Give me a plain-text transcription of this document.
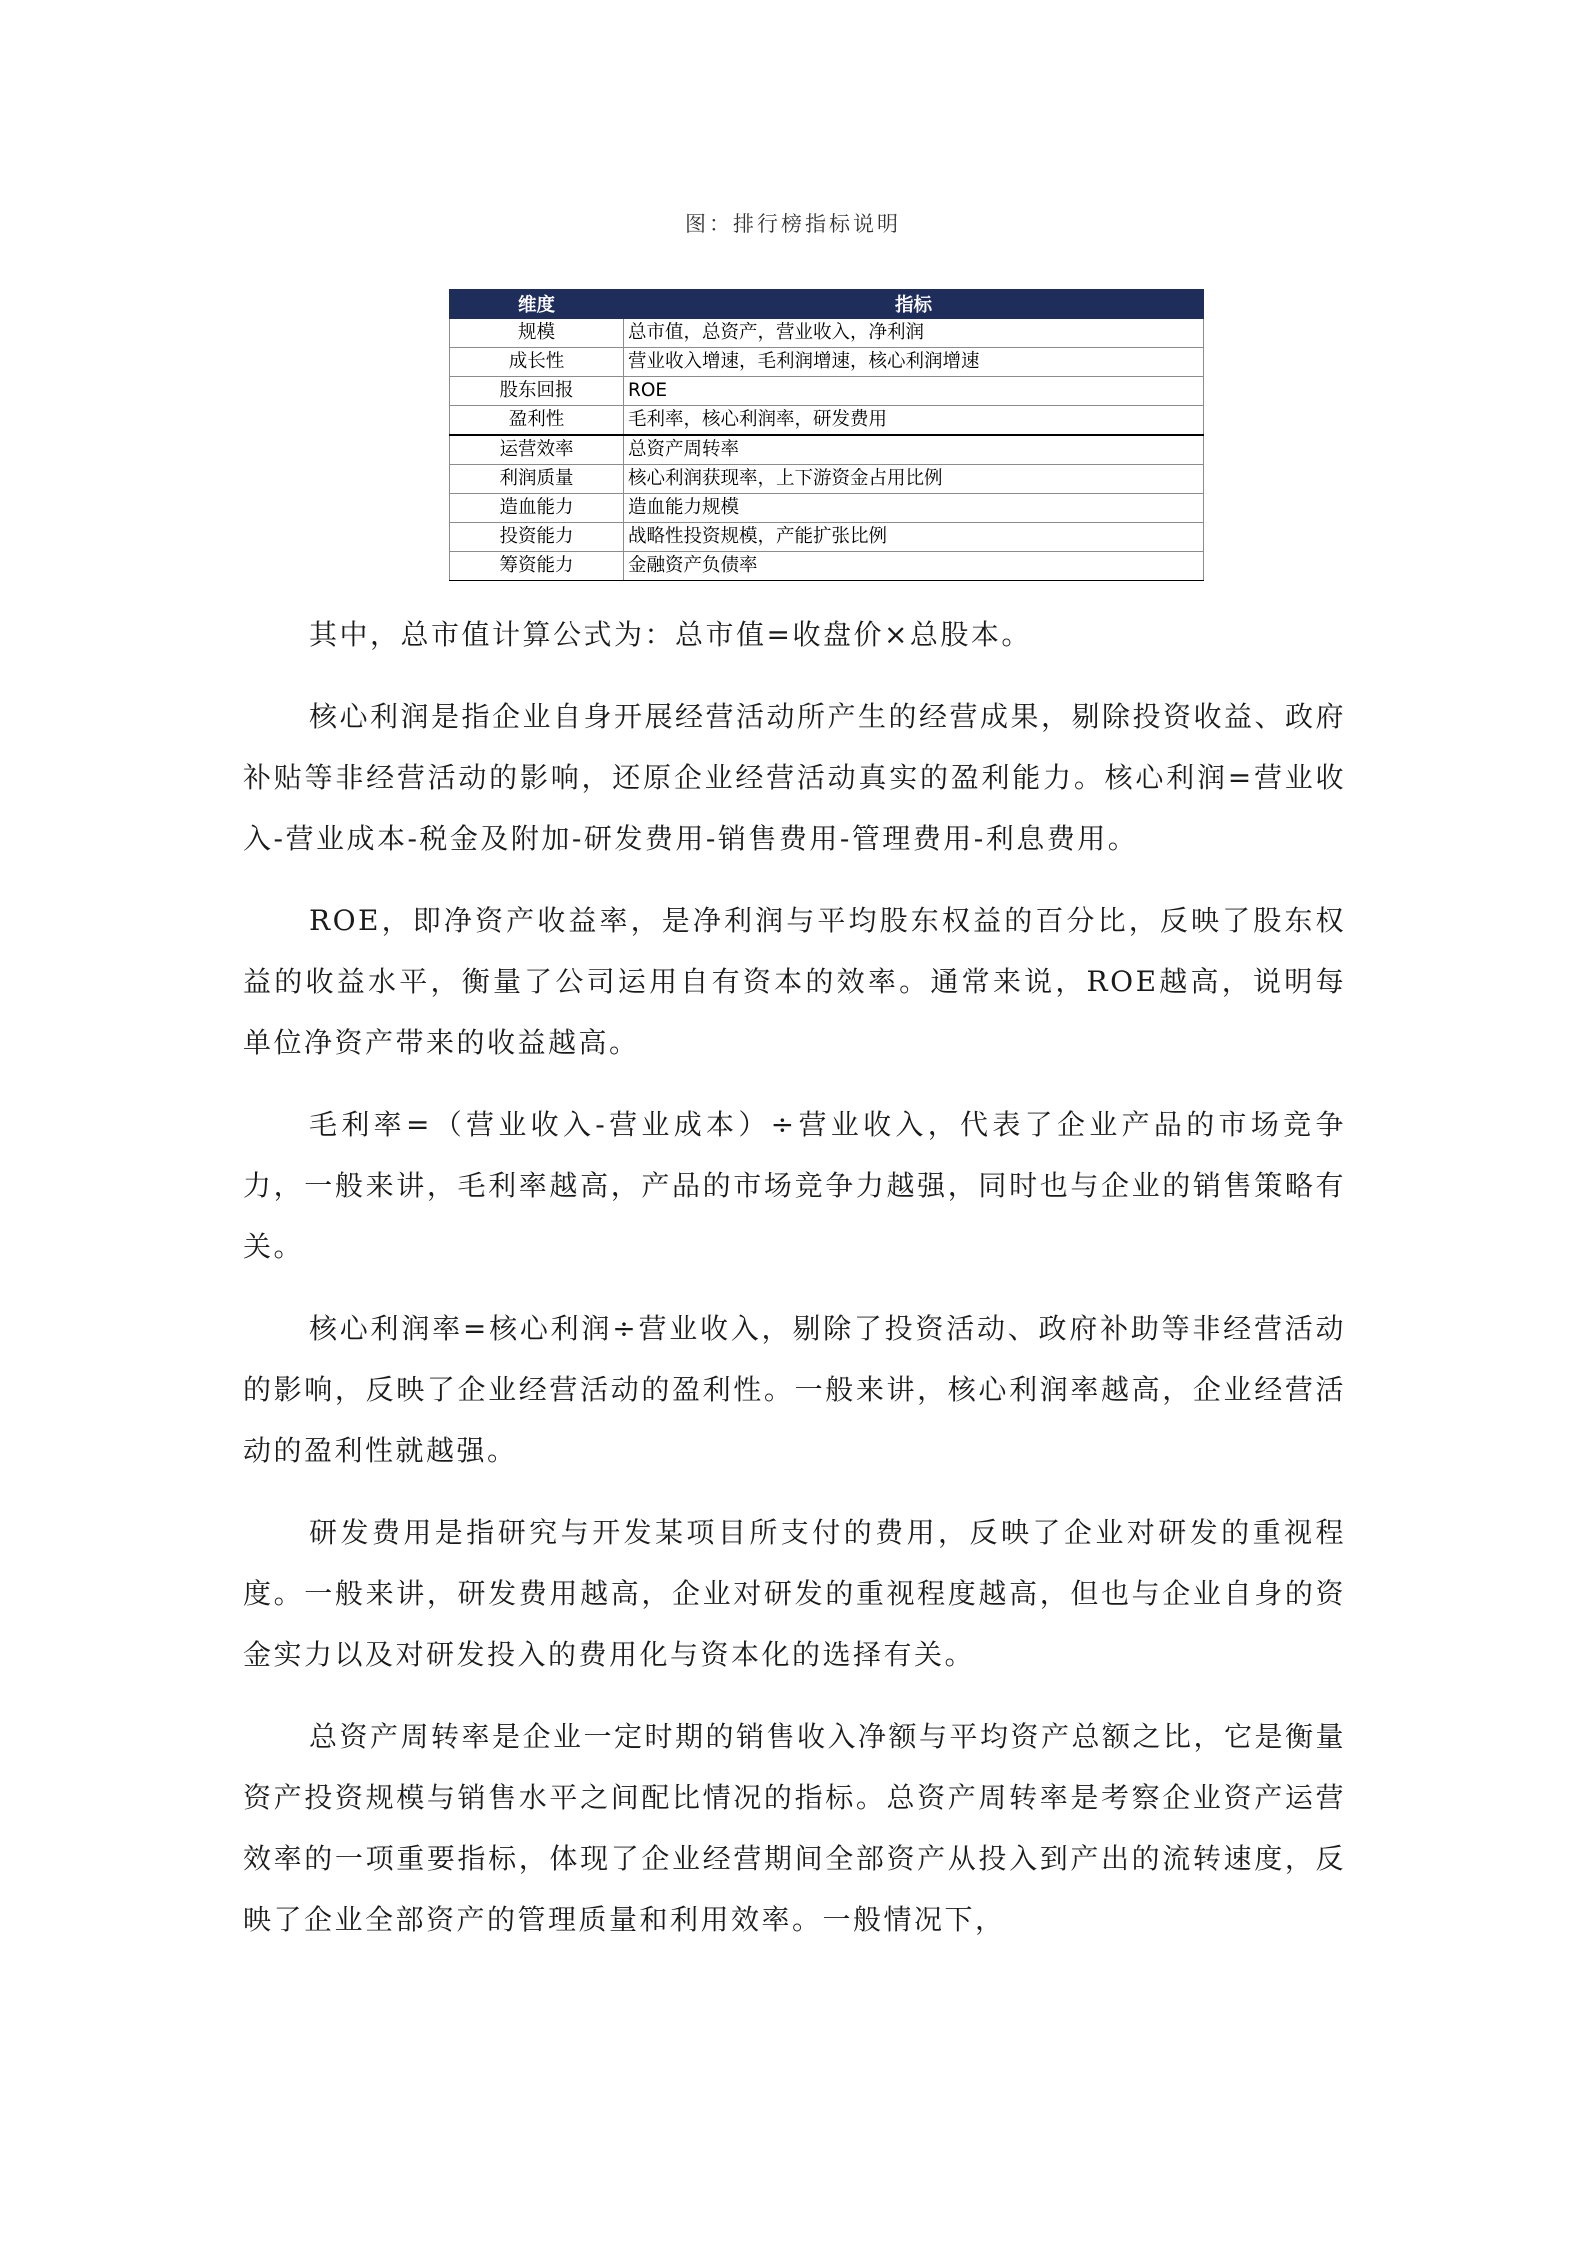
图：排行榜指标说明
维度	指标
规模	总市值，总资产，营业收入，净利润
成长性	营业收入增速，毛利润增速，核心利润增速
股东回报	ROE
盈利性	毛利率，核心利润率，研发费用
运营效率	总资产周转率
利润质量	核心利润获现率，上下游资金占用比例
造血能力	造血能力规模
投资能力	战略性投资规模，产能扩张比例
筹资能力	金融资产负债率

其中，总市值计算公式为：总市值=收盘价×总股本。

核心利润是指企业自身开展经营活动所产生的经营成果，剔除投资收益、政府补贴等非经营活动的影响，还原企业经营活动真实的盈利能力。核心利润=营业收入-营业成本-税金及附加-研发费用-销售费用-管理费用-利息费用。

ROE，即净资产收益率，是净利润与平均股东权益的百分比，反映了股东权益的收益水平，衡量了公司运用自有资本的效率。通常来说，ROE越高，说明每单位净资产带来的收益越高。

毛利率=（营业收入-营业成本）÷营业收入，代表了企业产品的市场竞争力，一般来讲，毛利率越高，产品的市场竞争力越强，同时也与企业的销售策略有关。

核心利润率=核心利润÷营业收入，剔除了投资活动、政府补助等非经营活动的影响，反映了企业经营活动的盈利性。一般来讲，核心利润率越高，企业经营活动的盈利性就越强。

研发费用是指研究与开发某项目所支付的费用，反映了企业对研发的重视程度。一般来讲，研发费用越高，企业对研发的重视程度越高，但也与企业自身的资金实力以及对研发投入的费用化与资本化的选择有关。

总资产周转率是企业一定时期的销售收入净额与平均资产总额之比，它是衡量资产投资规模与销售水平之间配比情况的指标。总资产周转率是考察企业资产运营效率的一项重要指标，体现了企业经营期间全部资产从投入到产出的流转速度，反映了企业全部资产的管理质量和利用效率。一般情况下，
